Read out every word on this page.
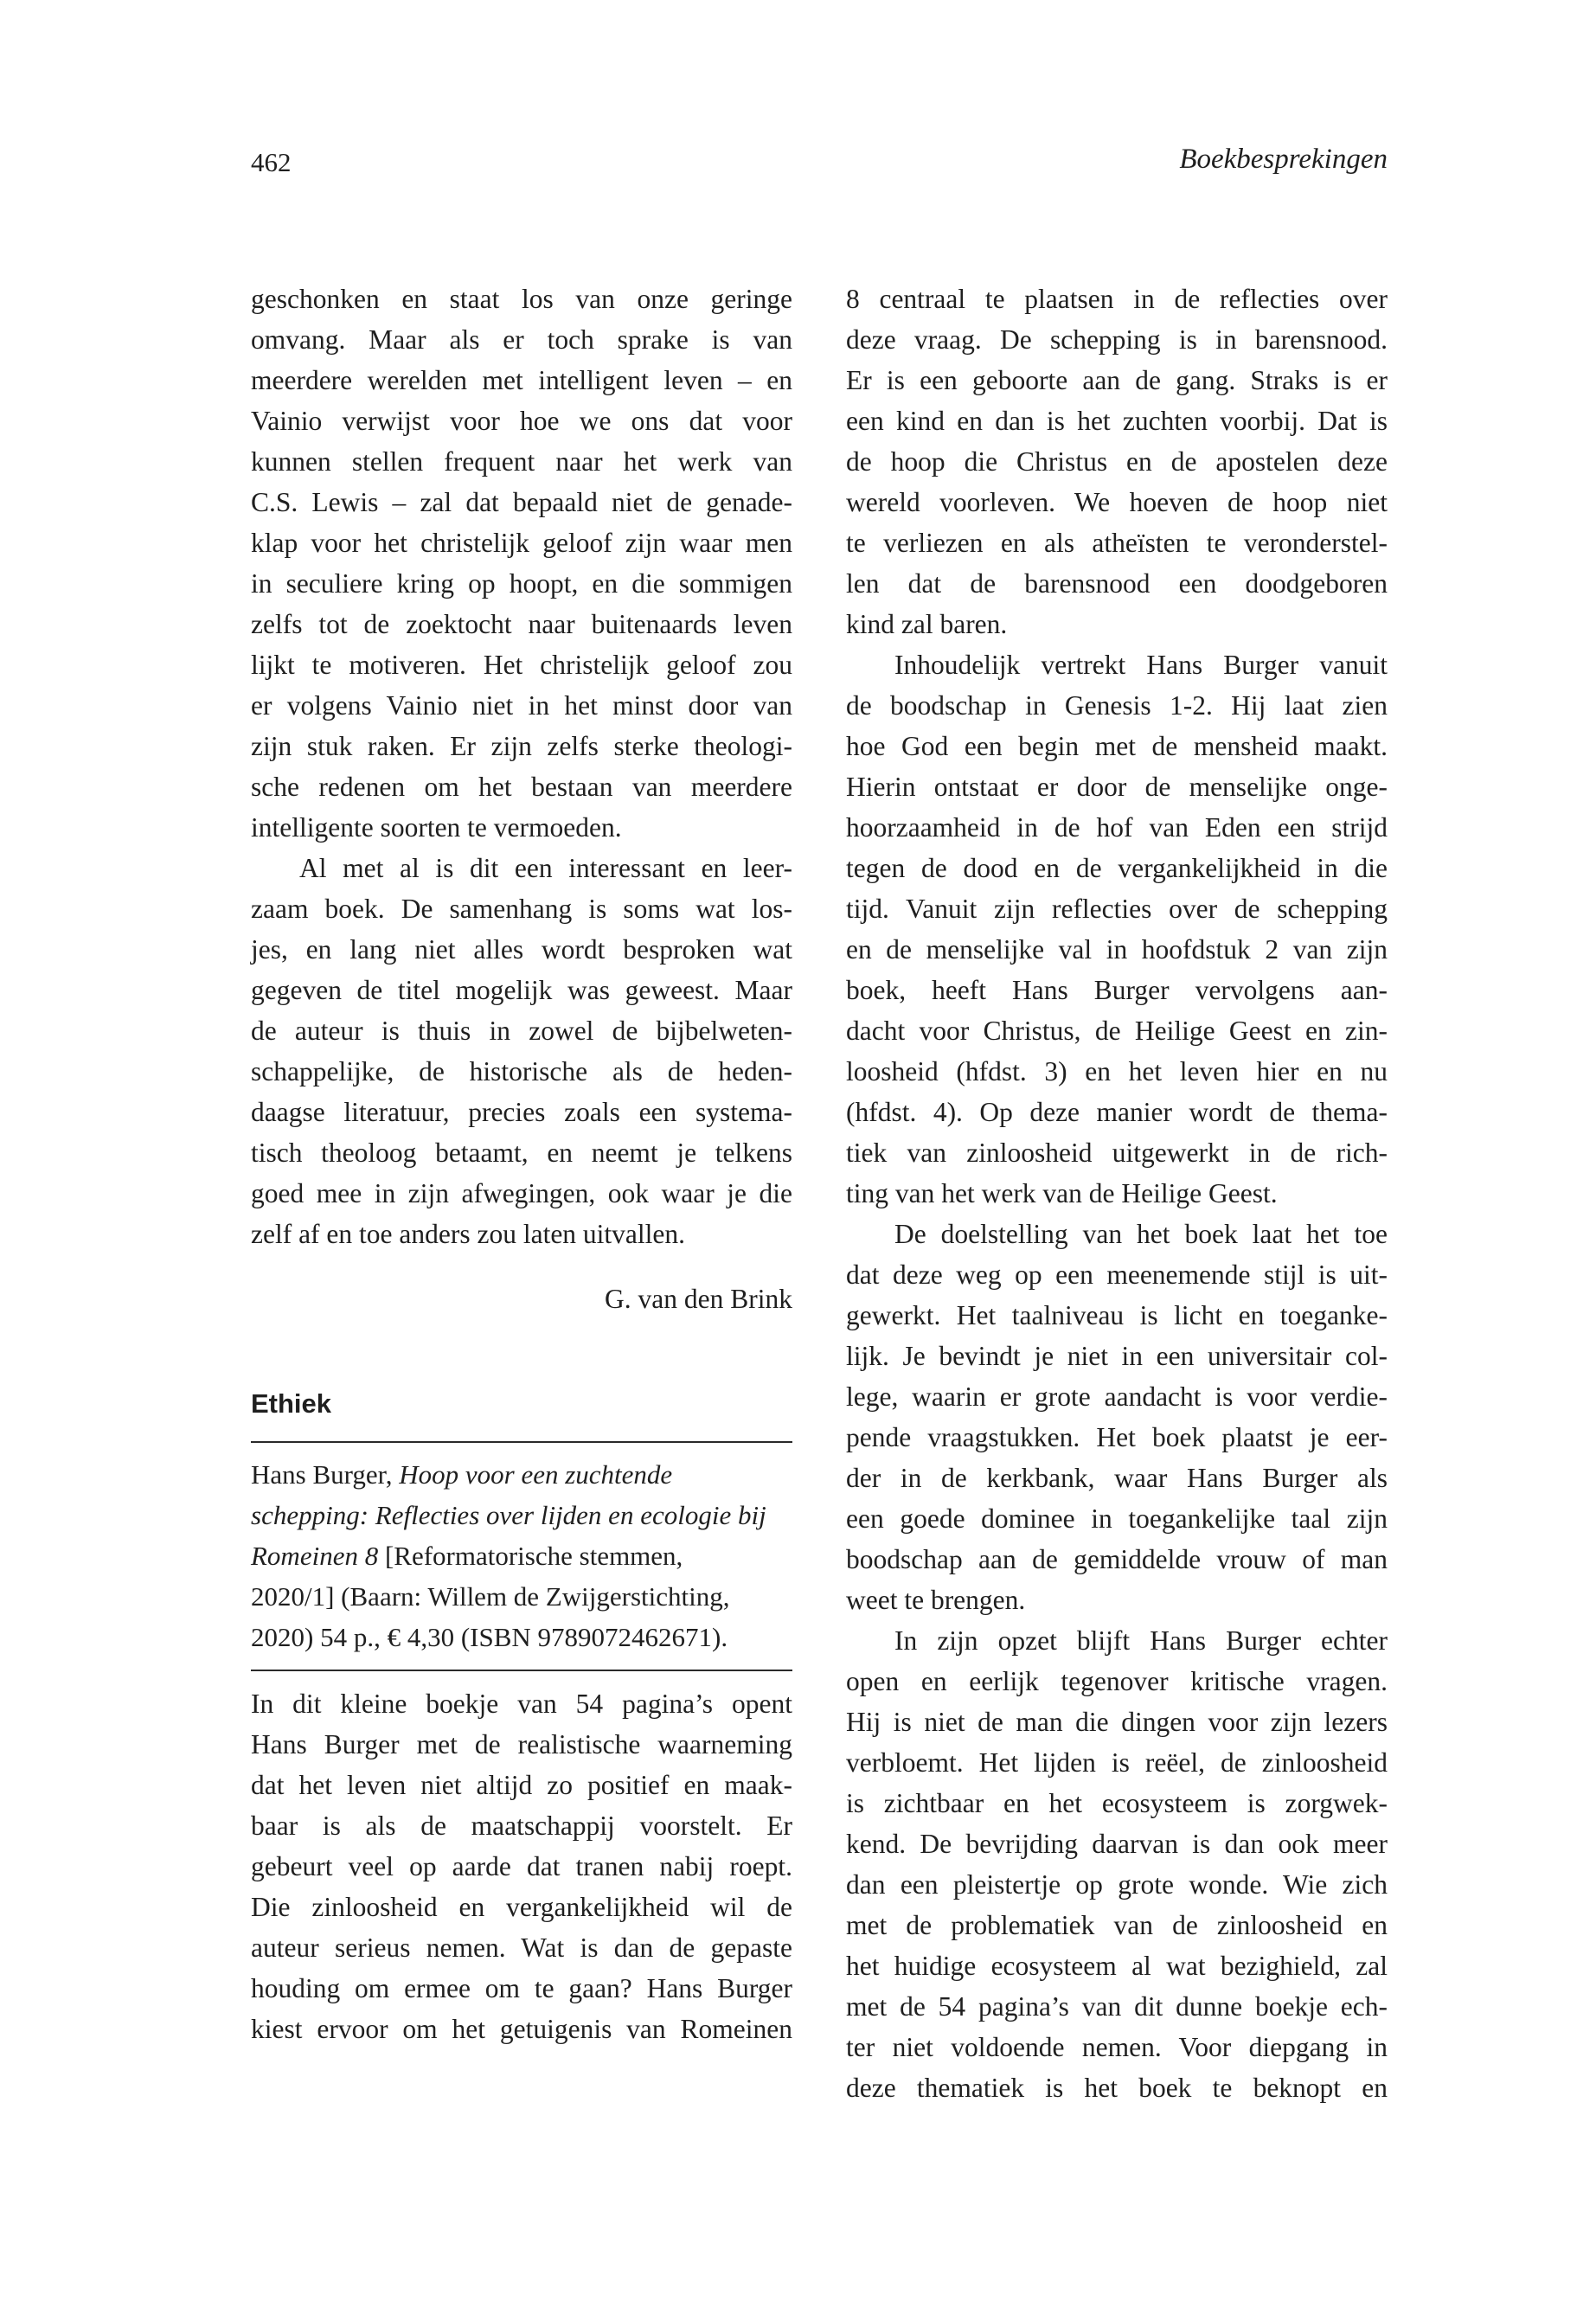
462	Boekbesprekingen
geschonken en staat los van onze geringe
omvang. Maar als er toch sprake is van
meerdere werelden met intelligent leven – en
Vainio verwijst voor hoe we ons dat voor
kunnen stellen frequent naar het werk van
C.S. Lewis – zal dat bepaald niet de genade-
klap voor het christelijk geloof zijn waar men
in seculiere kring op hoopt, en die sommigen
zelfs tot de zoektocht naar buitenaards leven
lijkt te motiveren. Het christelijk geloof zou
er volgens Vainio niet in het minst door van
zijn stuk raken. Er zijn zelfs sterke theologi-
sche redenen om het bestaan van meerdere
intelligente soorten te vermoeden.
Al met al is dit een interessant en leer-
zaam boek. De samenhang is soms wat los-
jes, en lang niet alles wordt besproken wat
gegeven de titel mogelijk was geweest. Maar
de auteur is thuis in zowel de bijbelweten-
schappelijke, de historische als de heden-
daagse literatuur, precies zoals een systema-
tisch theoloog betaamt, en neemt je telkens
goed mee in zijn afwegingen, ook waar je die
zelf af en toe anders zou laten uitvallen.
G. van den Brink
Ethiek
Hans Burger, Hoop voor een zuchtende
schepping: Reflecties over lijden en ecologie bij
Romeinen 8 [Reformatorische stemmen,
2020/1] (Baarn: Willem de Zwijgerstichting,
2020) 54 p., € 4,30 (ISBN 9789072462671).
In dit kleine boekje van 54 pagina’s opent
Hans Burger met de realistische waarneming
dat het leven niet altijd zo positief en maak-
baar is als de maatschappij voorstelt. Er
gebeurt veel op aarde dat tranen nabij roept.
Die zinloosheid en vergankelijkheid wil de
auteur serieus nemen. Wat is dan de gepaste
houding om ermee om te gaan? Hans Burger
kiest ervoor om het getuigenis van Romeinen
8 centraal te plaatsen in de reflecties over
deze vraag. De schepping is in barensnood.
Er is een geboorte aan de gang. Straks is er
een kind en dan is het zuchten voorbij. Dat is
de hoop die Christus en de apostelen deze
wereld voorleven. We hoeven de hoop niet
te verliezen en als atheïsten te veronderstel-
len dat de barensnood een doodgeboren
kind zal baren.
Inhoudelijk vertrekt Hans Burger vanuit
de boodschap in Genesis 1-2. Hij laat zien
hoe God een begin met de mensheid maakt.
Hierin ontstaat er door de menselijke onge-
hoorzaamheid in de hof van Eden een strijd
tegen de dood en de vergankelijkheid in die
tijd. Vanuit zijn reflecties over de schepping
en de menselijke val in hoofdstuk 2 van zijn
boek, heeft Hans Burger vervolgens aan-
dacht voor Christus, de Heilige Geest en zin-
loosheid (hfdst. 3) en het leven hier en nu
(hfdst. 4). Op deze manier wordt de thema-
tiek van zinloosheid uitgewerkt in de rich-
ting van het werk van de Heilige Geest.
De doelstelling van het boek laat het toe
dat deze weg op een meenemende stijl is uit-
gewerkt. Het taalniveau is licht en toeganke-
lijk. Je bevindt je niet in een universitair col-
lege, waarin er grote aandacht is voor verdie-
pende vraagstukken. Het boek plaatst je eer-
der in de kerkbank, waar Hans Burger als
een goede dominee in toegankelijke taal zijn
boodschap aan de gemiddelde vrouw of man
weet te brengen.
In zijn opzet blijft Hans Burger echter
open en eerlijk tegenover kritische vragen.
Hij is niet de man die dingen voor zijn lezers
verbloemt. Het lijden is reëel, de zinloosheid
is zichtbaar en het ecosysteem is zorgwek-
kend. De bevrijding daarvan is dan ook meer
dan een pleistertje op grote wonde. Wie zich
met de problematiek van de zinloosheid en
het huidige ecosysteem al wat bezighield, zal
met de 54 pagina’s van dit dunne boekje ech-
ter niet voldoende nemen. Voor diepgang in
deze thematiek is het boek te beknopt en
